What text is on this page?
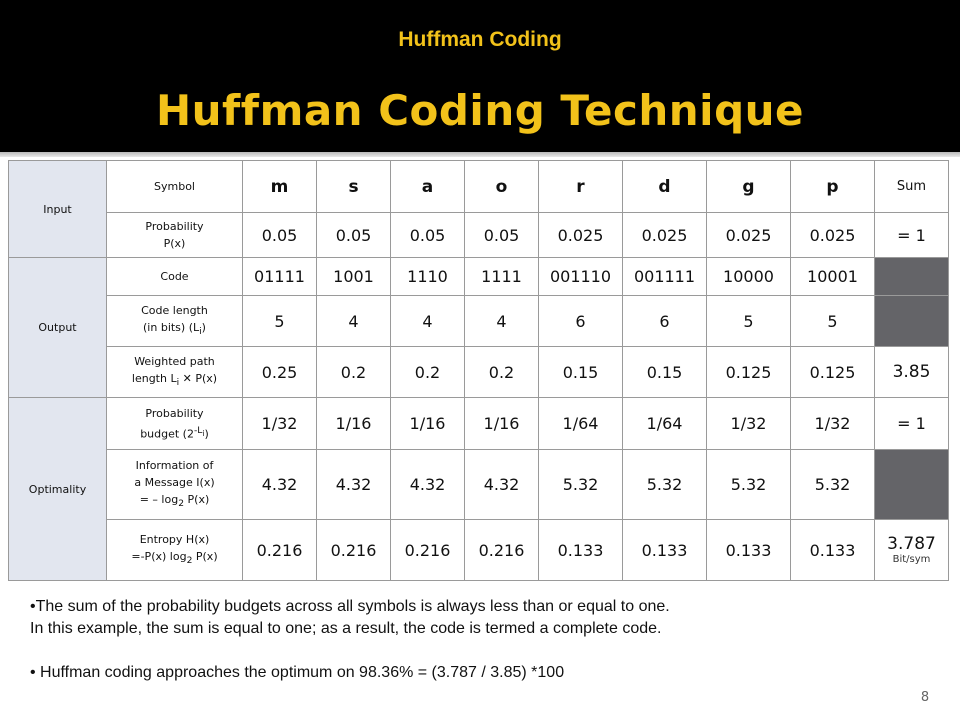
Huffman Coding
Huffman Coding Technique
Input	Symbol	m	s	a	o	r	d	g	p	Sum
	Probability
P(x)	0.05	0.05	0.05	0.05	0.025	0.025	0.025	0.025	= 1
Output	Code	01111	1001	1110	1111	001110	001111	10000	10001	
	Code length
(in bits) $(L_i)$	5	4	4	4	6	6	5	5	
	Weighted path
length $L_i$ ✕ P(x)	0.25	0.2	0.2	0.2	0.15	0.15	0.125	0.125	3.85
Optimality	Probability
budget $(2^{-L_i})$	1/32	1/16	1/16	1/16	1/64	1/64	1/32	1/32	= 1
	Information of
a Message I(x)
= – $\log_2 P(x)$	4.32	4.32	4.32	4.32	5.32	5.32	5.32	5.32	
	Entropy H(x)
=-P(x) $\log_2 P(x)$	0.216	0.216	0.216	0.216	0.133	0.133	0.133	0.133	3.787
Bit/sym

•The sum of the probability budgets across all symbols is always less than or equal to one.

In this example, the sum is equal to one; as a result, the code is termed a complete code.

• Huffman coding approaches the optimum on 98.36% = (3.787 / 3.85) *100

8
